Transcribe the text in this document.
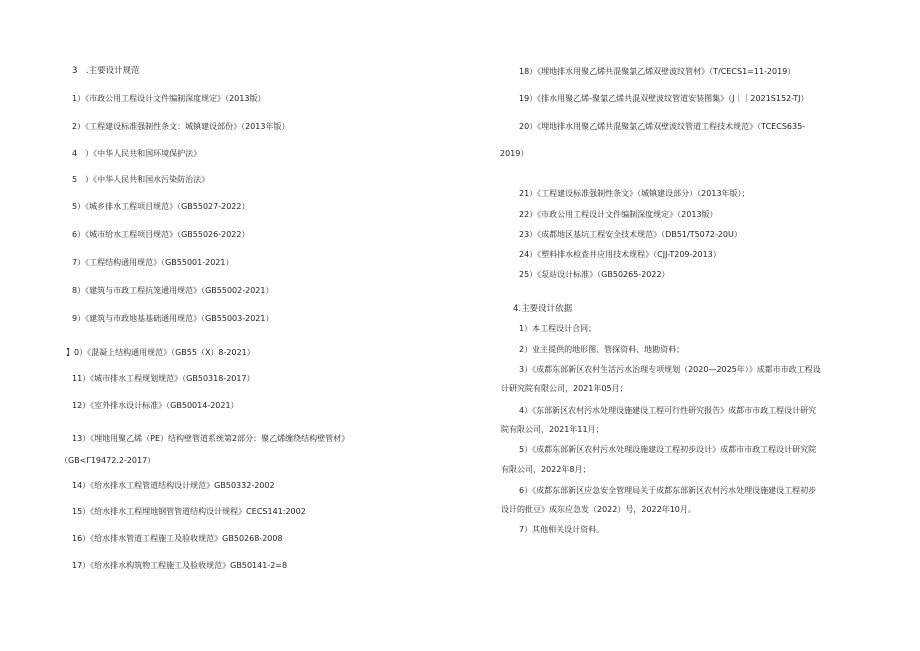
3　.主要设计规范
1）《市政公用工程设计文件编制深度规定》（2013版）
2）《工程建设标准强制性条文：城镇建设部份》（2013年版）
4　）《中华人民共和国环境保护法》
5　）《中华人民共和国水污染防治法》
5）《城乡排水工程项目规范》（GB55027-2022）
6）《城市给水工程项目规范》（GB55026-2022）
7）《工程结构通用规范》（GB55001-2021）
8）《建筑与市政工程抗笼通用规范》（GB55002-2021）
9）《建筑与市政地基基础通用规范》（GB55003-2021）
】0）《混凝上结构通用规范》（GB55（X）8-2021）
11）《城市排水工程规划规范》（GB50318-2017）
12）《室外排水设计标准》（GB50014-2021）
13）《埋地用聚乙烯（PE）结构壁管道系统第2部分：聚乙烯缠绕结构壁管材》
（GB<Γ19472.2-2017）
14）《给水排水工程管道结构设计规范》GB50332-2002
15）《给水排水工程埋地钢管管道结构设计规程》CECS141:2002
16）《给水排水管道工程施工及验收规范》GB50268-2008
17）《给水排水构筑物工程施工及验收规范》GB50141-2=8
18）《埋地排水用聚乙烯共混聚氯乙烯双壁波纹管材》（T/CECS1=11-2019）
19）《排水用聚乙烯-聚氯乙烯共混双壁波纹管道安装图集》（J｜｜2021S152-TJ）
20）《埋地排水用聚乙烯共混聚氯乙烯双壁波纹管道工程技术规范》（TCECS635-
2019）
21）《工程建设标准强制性条文》（城镇建设部分）（2013年版）；
22）《市政公用工程设计文件编制深度规定》（2013版）
23）《成都地区基坑工程安全技术规范》（DB51/T5072-20U）
24）《塑料排水检查井应用技术规程》（CJJ-T209-2013）
25）《泵站设计标准》（GB50265-2022）
4.主要设计依据
1）本工程设计合同；
2）业主提供的地形图、管探资料、地勘资料；
3）《成都东部新区农村生活污水治理专项规划（2020—2025年）》成都市市政工程设
计研究院有限公司，2021年05月；
4）《东部新区农村污水处理设施建设工程可行性研究报告》成都市市政工程设计研究
院有限公司，2021年11月；
5）《成都东部新区农村污水处理设施建设工程初步设计》成都市市政工程设计研究院
有限公司，2022年8月；
6）《成都东部新区应急安全管理局关于成都东部新区农村污水处理设施建设工程初步
设计的批豆》成东应急发（2022）号，2022年10月。
7）其他相关设计资料。
